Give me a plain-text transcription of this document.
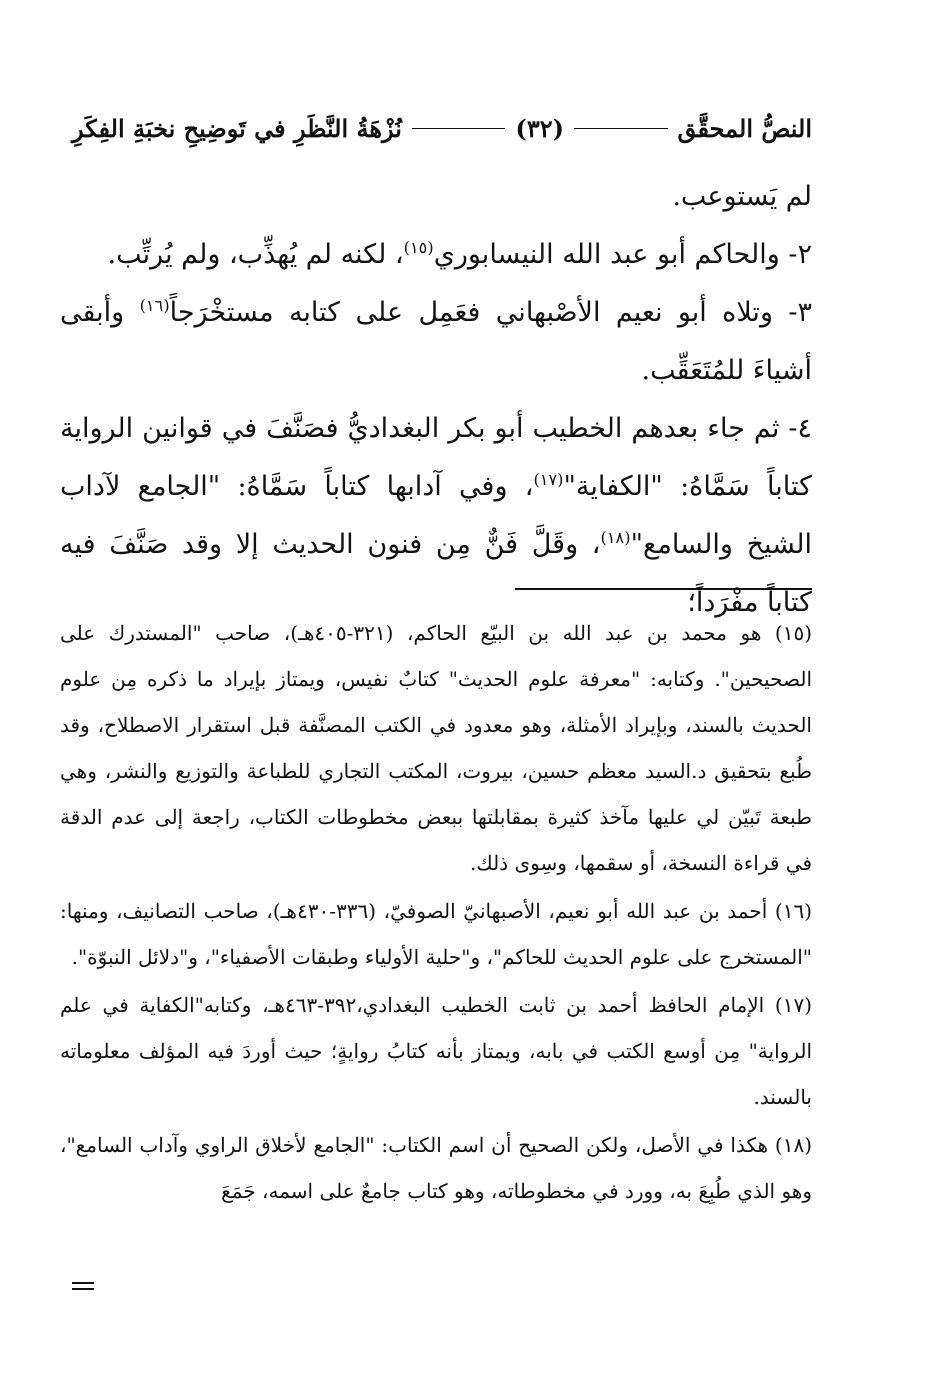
النصُّ المحقَّق
(٣٢)
نُزْهَةُ النَّظَرِ في تَوضِيحِ نخبَةِ الفِكَرِ

لم يَستوعب.

٢- والحاكم أبو عبد الله النيسابوري$^{(١٥)}$، لكنه لم يُهذِّب، ولم يُرتِّب.

٣- وتلاه أبو نعيم الأصْبهاني فعَمِل على كتابه مستخْرَجاً$^{(١٦)}$ وأبقى أشياءَ للمُتَعَقِّب.

٤- ثم جاء بعدهم الخطيب أبو بكر البغداديُّ فصَنَّفَ في قوانين الرواية كتاباً سَمَّاهُ: "الكفاية"$^{(١٧)}$، وفي آدابها كتاباً سَمَّاهُ: "الجامع لآداب الشيخ والسامع"$^{(١٨)}$، وقَلَّ فَنٌّ مِن فنون الحديث إلا وقد صَنَّفَ فيه كتاباً مفْرَداً؛

(١٥) هو محمد بن عبد الله بن البيّع الحاكم، (٣٢١-٤٠٥هـ)، صاحب "المستدرك على الصحيحين". وكتابه: "معرفة علوم الحديث" كتابٌ نفيس، ويمتاز بإيراد ما ذكره مِن علوم الحديث بالسند، وبإيراد الأمثلة، وهو معدود في الكتب المصنَّفة قبل استقرار الاصطلاح، وقد طُبع بتحقيق د.السيد معظم حسين، بيروت، المكتب التجاري للطباعة والتوزيع والنشر، وهي طبعة تَبيّن لي عليها مآخذ كثيرة بمقابلتها ببعض مخطوطات الكتاب، راجعة إلى عدم الدقة في قراءة النسخة، أو سقمها، وسِوى ذلك.

(١٦) أحمد بن عبد الله أبو نعيم، الأصبهانيّ الصوفيّ، (٣٣٦-٤٣٠هـ)، صاحب التصانيف، ومنها: "المستخرج على علوم الحديث للحاكم"، و"حلية الأولياء وطبقات الأصفياء"، و"دلائل النبوّة".

(١٧) الإمام الحافظ أحمد بن ثابت الخطيب البغدادي،٣٩٢-٤٦٣هـ، وكتابه"الكفاية في علم الرواية" مِن أوسع الكتب في بابه، ويمتاز بأنه كتابُ روايةٍ؛ حيث أوردَ فيه المؤلف معلوماته بالسند.

(١٨) هكذا في الأصل، ولكن الصحيح أن اسم الكتاب: "الجامع لأخلاق الراوي وآداب السامع"، وهو الذي طُبِعَ به، وورد في مخطوطاته، وهو كتاب جامعٌ على اسمه، جَمَعَ
